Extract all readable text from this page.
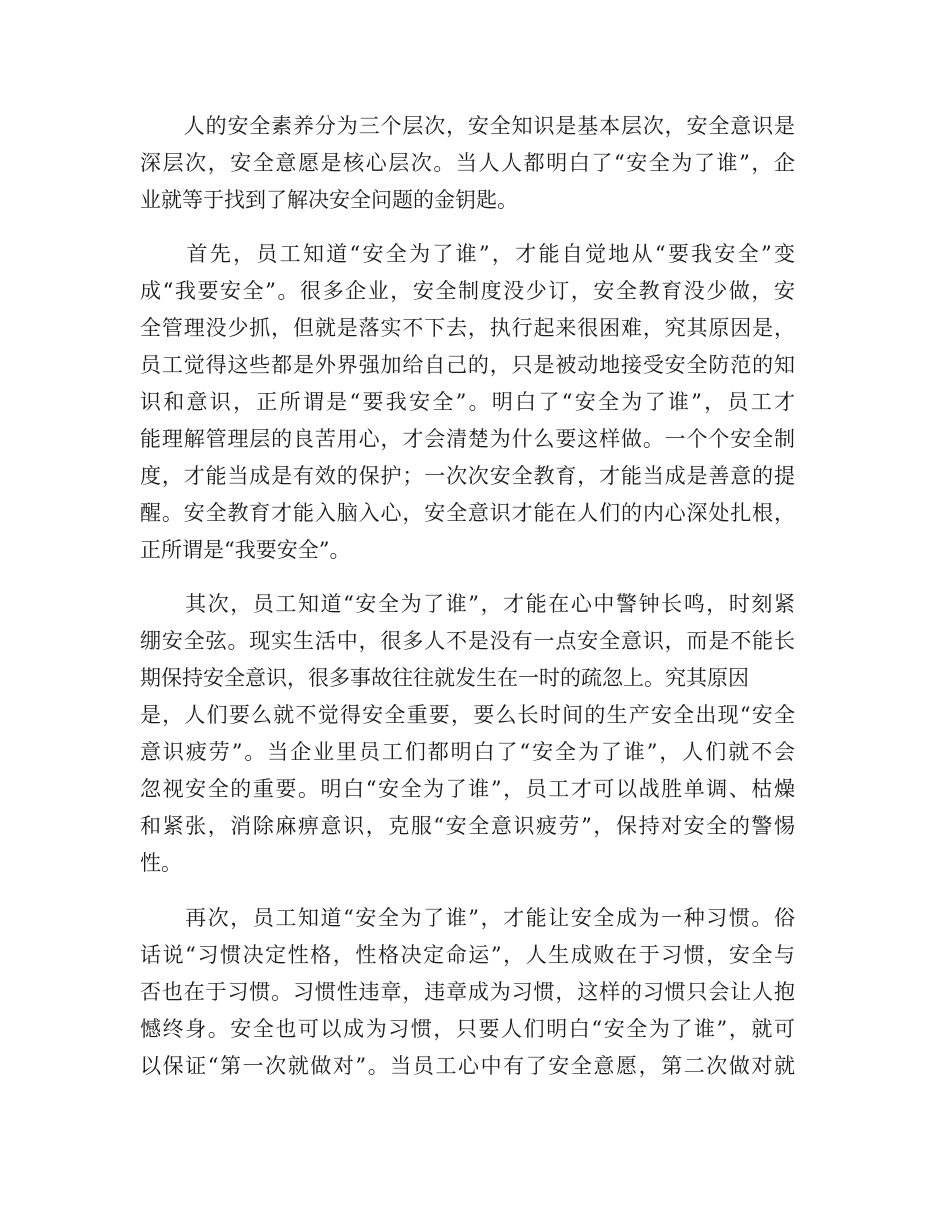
　　人的安全素养分为三个层次，安全知识是基本层次，安全意识是
深层次，安全意愿是核心层次。当人人都明白了“安全为了谁”，企
业就等于找到了解决安全问题的金钥匙。
　　首先，员工知道“安全为了谁”，才能自觉地从“要我安全”变
成“我要安全”。很多企业，安全制度没少订，安全教育没少做，安
全管理没少抓，但就是落实不下去，执行起来很困难，究其原因是，
员工觉得这些都是外界强加给自己的，只是被动地接受安全防范的知
识和意识，正所谓是“要我安全”。明白了“安全为了谁”，员工才
能理解管理层的良苦用心，才会清楚为什么要这样做。一个个安全制
度，才能当成是有效的保护；一次次安全教育，才能当成是善意的提
醒。安全教育才能入脑入心，安全意识才能在人们的内心深处扎根，
正所谓是“我要安全”。
　　其次，员工知道“安全为了谁”，才能在心中警钟长鸣，时刻紧
绷安全弦。现实生活中，很多人不是没有一点安全意识，而是不能长
期保持安全意识，很多事故往往就发生在一时的疏忽上。究其原因
是，人们要么就不觉得安全重要，要么长时间的生产安全出现“安全
意识疲劳”。当企业里员工们都明白了“安全为了谁”，人们就不会
忽视安全的重要。明白“安全为了谁”，员工才可以战胜单调、枯燥
和紧张，消除麻痹意识，克服“安全意识疲劳”，保持对安全的警惕
性。
　　再次，员工知道“安全为了谁”，才能让安全成为一种习惯。俗
话说“习惯决定性格，性格决定命运”，人生成败在于习惯，安全与
否也在于习惯。习惯性违章，违章成为习惯，这样的习惯只会让人抱
憾终身。安全也可以成为习惯，只要人们明白“安全为了谁”，就可
以保证“第一次就做对”。当员工心中有了安全意愿，第二次做对就
